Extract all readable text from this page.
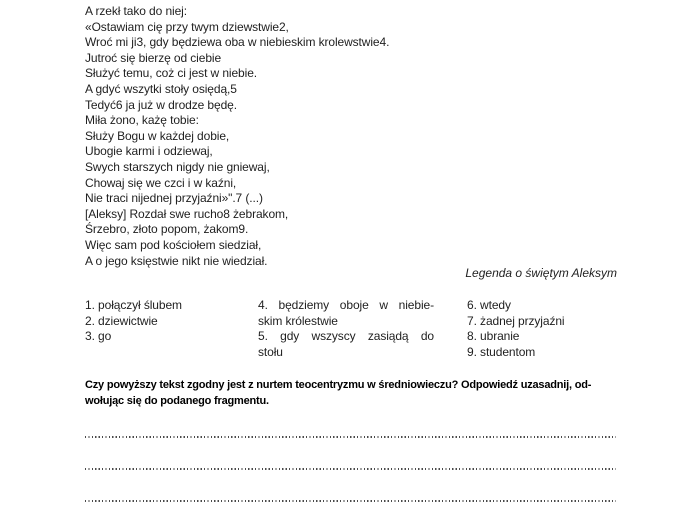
A rzekł tako do niej:
«Ostawiam cię przy twym dziewstwie2,
Wroć mi ji3, gdy będziewa oba w niebieskim krolewstwie4.
Jutroć się bierzę od ciebie
Służyć temu, coż ci jest w niebie.
A gdyć wszytki stoły osiędą,5
Tedyć6 ja już w drodze będę.
Miła żono, każę tobie:
Służy Bogu w każdej dobie,
Ubogie karmi i odziewaj,
Swych starszych nigdy nie gniewaj,
Chowaj się we czci i w kaźni,
Nie traci nijednej przyjaźni»".7 (...)
[Aleksy] Rozdał swe rucho8 żebrakom,
Śrzebro, złoto popom, żakom9.
Więc sam pod kościołem siedział,
A o jego księstwie nikt nie wiedział.
Legenda o świętym Aleksym
1. połączył ślubem
2. dziewictwie
3. go
4. będziemy oboje w niebie-
skim królestwie
5. gdy wszyscy zasiądą do
stołu
6. wtedy
7. żadnej przyjaźni
8. ubranie
9. studentom
Czy powyższy tekst zgodny jest z nurtem teocentryzmu w średniowieczu? Odpowiedź uzasadnij, od-
wołując się do podanego fragmentu.
